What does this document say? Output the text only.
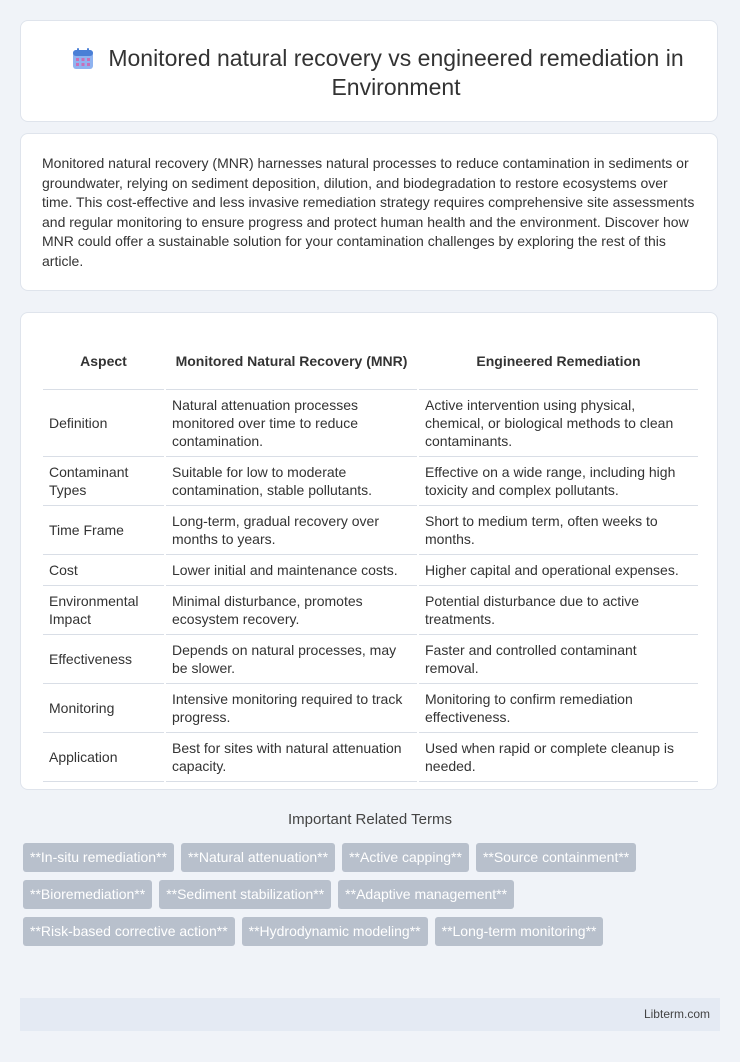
Monitored natural recovery vs engineered remediation in Environment

Monitored natural recovery (MNR) harnesses natural processes to reduce contamination in sediments or groundwater, relying on sediment deposition, dilution, and biodegradation to restore ecosystems over time. This cost-effective and less invasive remediation strategy requires comprehensive site assessments and regular monitoring to ensure progress and protect human health and the environment. Discover how MNR could offer a sustainable solution for your contamination challenges by exploring the rest of this article.

Aspect	Monitored Natural Recovery (MNR)	Engineered Remediation
Definition	Natural attenuation processes monitored over time to reduce contamination.	Active intervention using physical, chemical, or biological methods to clean contaminants.
Contaminant Types	Suitable for low to moderate contamination, stable pollutants.	Effective on a wide range, including high toxicity and complex pollutants.
Time Frame	Long-term, gradual recovery over months to years.	Short to medium term, often weeks to months.
Cost	Lower initial and maintenance costs.	Higher capital and operational expenses.
Environmental Impact	Minimal disturbance, promotes ecosystem recovery.	Potential disturbance due to active treatments.
Effectiveness	Depends on natural processes, may be slower.	Faster and controlled contaminant removal.
Monitoring	Intensive monitoring required to track progress.	Monitoring to confirm remediation effectiveness.
Application	Best for sites with natural attenuation capacity.	Used when rapid or complete cleanup is needed.
Important Related Terms
**In-situ remediation**	**Natural attenuation**	**Active capping**	**Source containment**
**Bioremediation**	**Sediment stabilization**	**Adaptive management**
**Risk-based corrective action**	**Hydrodynamic modeling**	**Long-term monitoring**
Libterm.com
